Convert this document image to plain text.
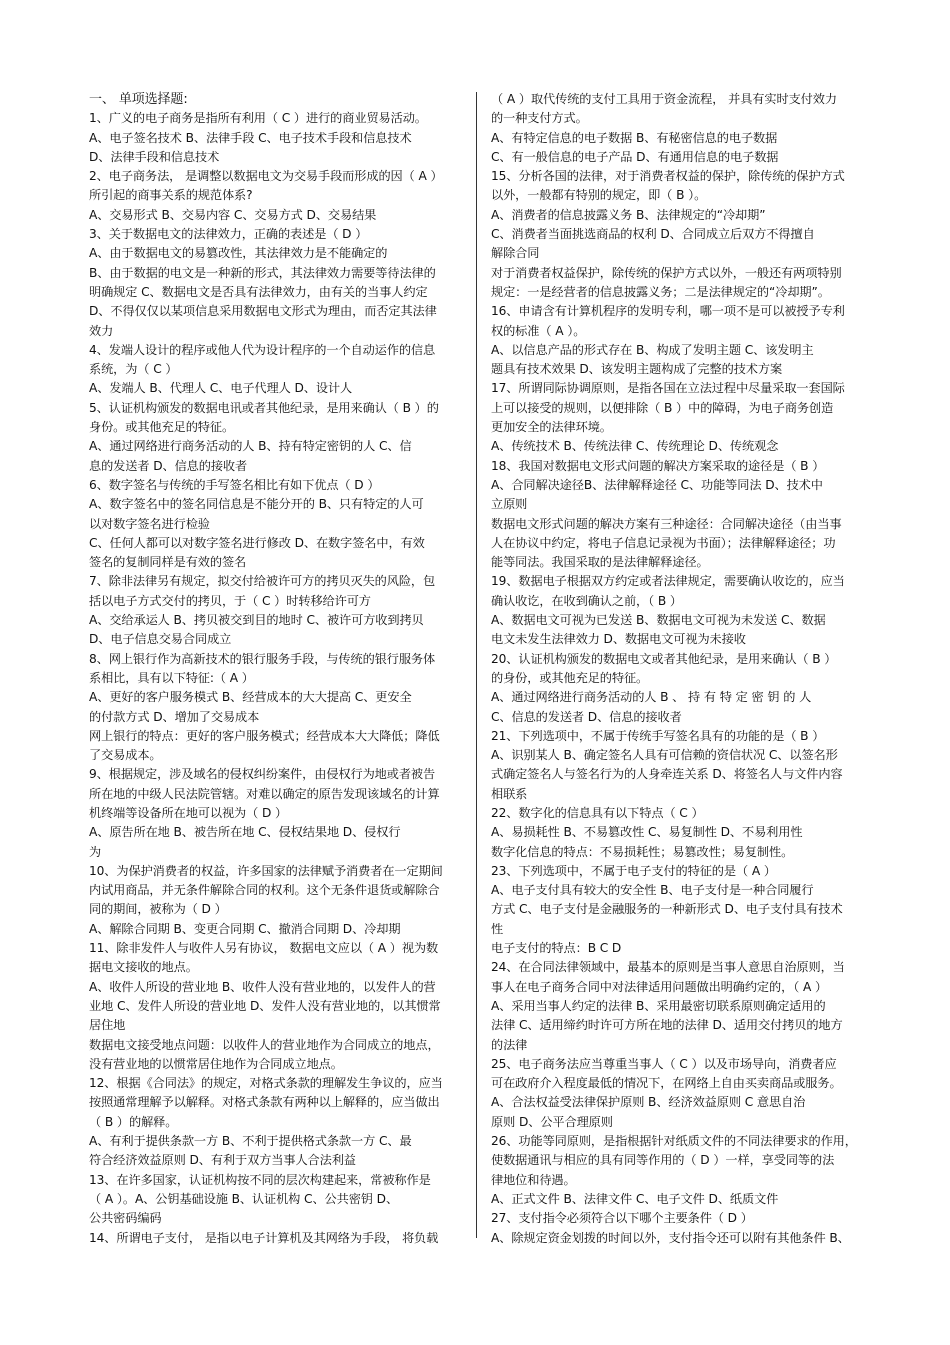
一、 单项选择题:
1、广义的电子商务是指所有利用（ C ）进行的商业贸易活动。
A、电子签名技术 B、法律手段 C、电子技术手段和信息技术
D、法律手段和信息技术
2、电子商务法， 是调整以数据电文为交易手段而形成的因（ A ）
所引起的商事关系的规范体系?
A、交易形式 B、交易内容 C、交易方式 D、交易结果
3、关于数据电文的法律效力，正确的表述是（ D ）
A、由于数据电文的易篡改性，其法律效力是不能确定的
B、由于数据的电文是一种新的形式，其法律效力需要等待法律的
明确规定 C、数据电文是否具有法律效力，由有关的当事人约定
D、不得仅仅以某项信息采用数据电文形式为理由，而否定其法律
效力
4、发端人设计的程序或他人代为设计程序的一个自动运作的信息
系统，为（ C ）
A、发端人 B、代理人 C、电子代理人 D、设计人
5、认证机构颁发的数据电讯或者其他纪录，是用来确认（ B ）的
身份。或其他充足的特征。
A、通过网络进行商务活动的人 B、持有特定密钥的人 C、信
息的发送者 D、信息的接收者
6、数字签名与传统的手写签名相比有如下优点（ D ）
A、数字签名中的签名同信息是不能分开的 B、只有特定的人可
以对数字签名进行检验
C、任何人都可以对数字签名进行修改 D、在数字签名中，有效
签名的复制同样是有效的签名
7、除非法律另有规定，拟交付给被许可方的拷贝灭失的风险，包
括以电子方式交付的拷贝，于（ C ）时转移给许可方
A、交给承运人 B、拷贝被交到目的地时 C、被许可方收到拷贝
D、电子信息交易合同成立
8、网上银行作为高新技术的银行服务手段，与传统的银行服务体
系相比，具有以下特征:（ A ）
A、更好的客户服务模式 B、经营成本的大大提高 C、更安全
的付款方式 D、增加了交易成本
网上银行的特点：更好的客户服务模式；经营成本大大降低；降低
了交易成本。
9、根据规定，涉及域名的侵权纠纷案件，由侵权行为地或者被告
所在地的中级人民法院管辖。对难以确定的原告发现该域名的计算
机终端等设备所在地可以视为（ D ）
A、原告所在地 B、被告所在地 C、侵权结果地 D、侵权行
为
10、为保护消费者的权益，许多国家的法律赋予消费者在一定期间
内试用商品，并无条件解除合同的权利。这个无条件退货或解除合
同的期间，被称为（ D ）
A、解除合同期 B、变更合同期 C、撤消合同期 D、冷却期
11、除非发件人与收件人另有协议， 数据电文应以（ A ）视为数
据电文接收的地点。
A、收件人所设的营业地 B、收件人没有营业地的，以发件人的营
业地 C、发件人所设的营业地 D、发件人没有营业地的，以其惯常
居住地
数据电文接受地点问题：以收件人的营业地作为合同成立的地点，
没有营业地的以惯常居住地作为合同成立地点。
12、根据《合同法》的规定，对格式条款的理解发生争议的，应当
按照通常理解予以解释。对格式条款有两种以上解释的，应当做出
（ B ）的解释。
A、有利于提供条款一方 B、不利于提供格式条款一方 C、最
符合经济效益原则 D、有利于双方当事人合法利益
13、在许多国家，认证机构按不同的层次构建起来，常被称作是
（ A ）。A、公钥基础设施 B、认证机构 C、公共密钥 D、
公共密码编码
14、所谓电子支付， 是指以电子计算机及其网络为手段， 将负载
（ A ）取代传统的支付工具用于资金流程， 并具有实时支付效力
的一种支付方式。
A、有特定信息的电子数据 B、有秘密信息的电子数据
C、有一般信息的电子产品 D、有通用信息的电子数据
15、分析各国的法律，对于消费者权益的保护，除传统的保护方式
以外，一般都有特别的规定，即（ B ）。
A、消费者的信息披露义务 B、法律规定的“冷却期”
C、消费者当面挑选商品的权利 D、合同成立后双方不得擅自
解除合同
对于消费者权益保护，除传统的保护方式以外，一般还有两项特别
规定：一是经营者的信息披露义务；二是法律规定的“冷却期”。
16、申请含有计算机程序的发明专利，哪一项不是可以被授予专利
权的标准（ A ）。
A、以信息产品的形式存在 B、构成了发明主题 C、该发明主
题具有技术效果 D、该发明主题构成了完整的技术方案
17、所谓同际协调原则，是指各国在立法过程中尽量采取一套国际
上可以接受的规则，以便排除（ B ）中的障碍，为电子商务创造
更加安全的法律环境。
A、传统技术 B、传统法律 C、传统理论 D、传统观念
18、我国对数据电文形式问题的解决方案采取的途径是（ B ）
A、合同解决途径B、法律解释途径 C、功能等同法 D、技术中
立原则
数据电文形式问题的解决方案有三种途径：合同解决途径（由当事
人在协议中约定，将电子信息记录视为书面）；法律解释途径；功
能等同法。我国采取的是法律解释途径。
19、数据电子根据双方约定或者法律规定，需要确认收讫的，应当
确认收讫，在收到确认之前，（ B ）
A、数据电文可视为已发送 B、数据电文可视为未发送 C、数据
电文未发生法律效力 D、数据电文可视为未接收
20、认证机构颁发的数据电文或者其他纪录，是用来确认（ B ）
的身份，或其他充足的特征。
A、通过网络进行商务活动的人 B 、 持 有 特 定 密 钥 的 人
C、信息的发送者 D、信息的接收者
21、下列选项中，不属于传统手写签名具有的功能的是（ B ）
A、识别某人 B、确定签名人具有可信赖的资信状况 C、以签名形
式确定签名人与签名行为的人身牵连关系 D、将签名人与文件内容
相联系
22、数字化的信息具有以下特点（ C ）
A、易损耗性 B、不易篡改性 C、易复制性 D、不易利用性
数字化信息的特点：不易损耗性；易篡改性；易复制性。
23、下列选项中，不属于电子支付的特征的是（ A ）
A、电子支付具有较大的安全性 B、电子支付是一种合同履行
方式 C、电子支付是金融服务的一种新形式 D、电子支付具有技术
性
电子支付的特点：B C D
24、在合同法律领域中，最基本的原则是当事人意思自治原则，当
事人在电子商务合同中对法律适用问题做出明确约定的，（ A ）
A、采用当事人约定的法律 B、采用最密切联系原则确定适用的
法律 C、适用缔约时许可方所在地的法律 D、适用交付拷贝的地方
的法律
25、电子商务法应当尊重当事人（ C ）以及市场导向，消费者应
可在政府介入程度最低的情况下，在网络上自由买卖商品或服务。
A、合法权益受法律保护原则 B、经济效益原则 C 意思自治
原则 D、公平合理原则
26、功能等同原则，是指根据针对纸质文件的不同法律要求的作用，
使数据通讯与相应的具有同等作用的（ D ）一样，享受同等的法
律地位和待遇。
A、正式文件 B、法律文件 C、电子文件 D、纸质文件
27、支付指令必须符合以下哪个主要条件（ D ）
A、除规定资金划拨的时间以外，支付指令还可以附有其他条件 B、
